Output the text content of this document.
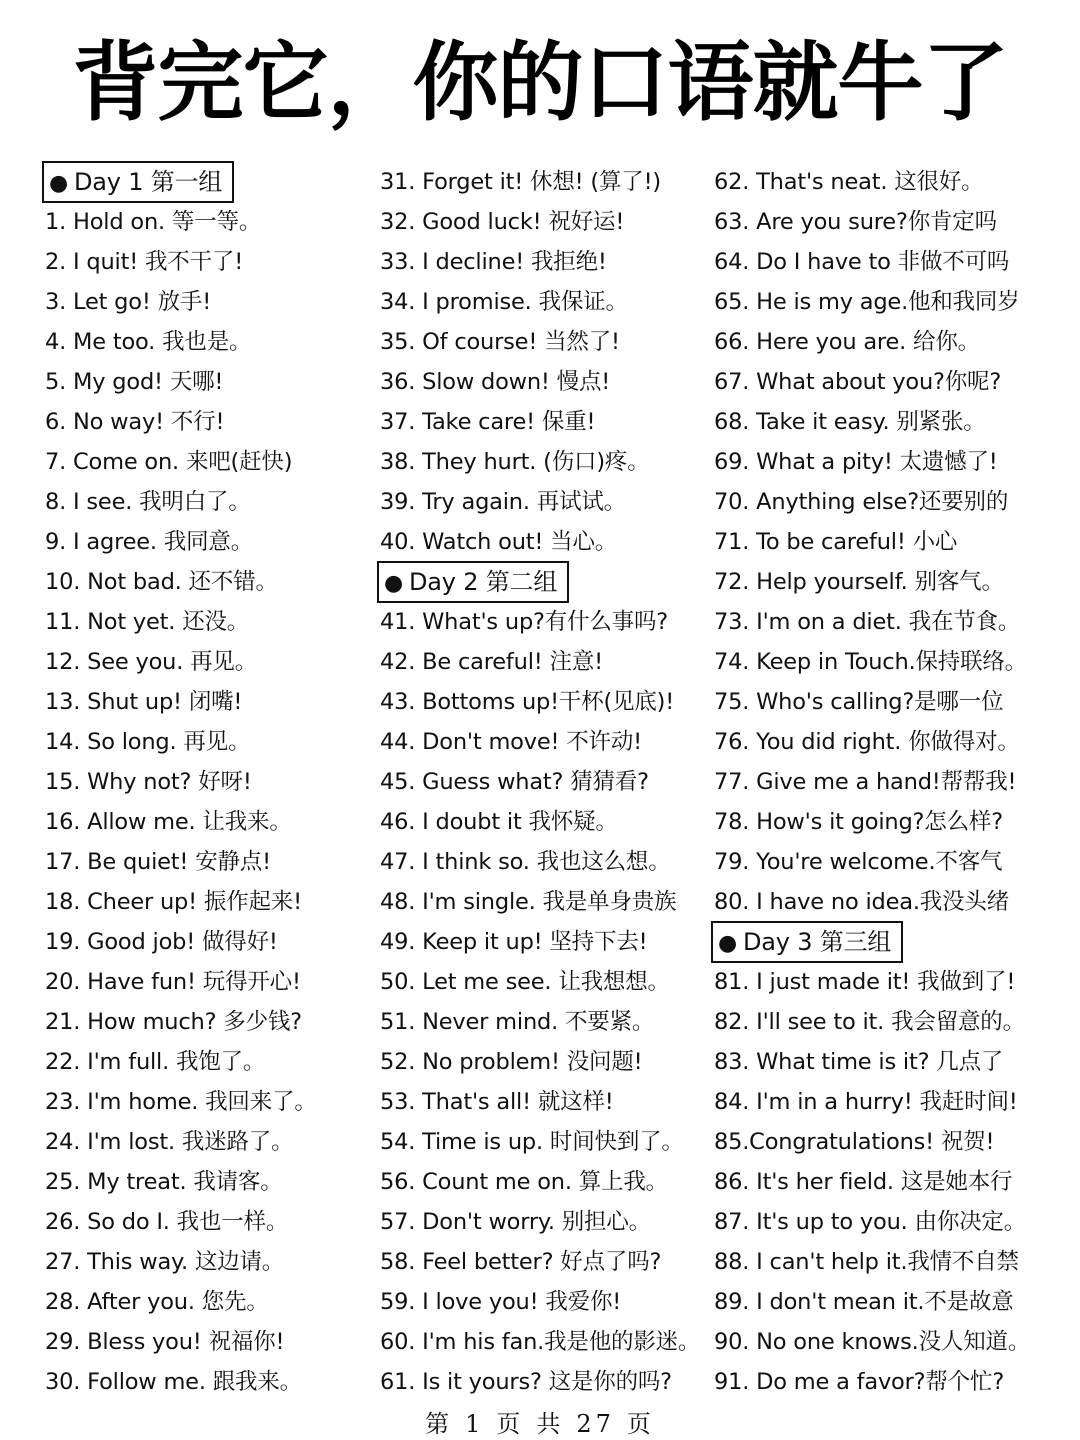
背完它，你的口语就牛了
● Day 1 第一组
1. Hold on. 等一等。
2. I quit! 我不干了!
3. Let go! 放手!
4. Me too. 我也是。
5. My god! 天哪!
6. No way! 不行!
7. Come on. 来吧(赶快)
8. I see. 我明白了。
9. I agree. 我同意。
10. Not bad. 还不错。
11. Not yet. 还没。
12. See you. 再见。
13. Shut up! 闭嘴!
14. So long. 再见。
15. Why not? 好呀!
16. Allow me. 让我来。
17. Be quiet! 安静点!
18. Cheer up! 振作起来!
19. Good job! 做得好!
20. Have fun! 玩得开心!
21. How much? 多少钱?
22. I'm full. 我饱了。
23. I'm home. 我回来了。
24. I'm lost. 我迷路了。
25. My treat. 我请客。
26. So do I. 我也一样。
27. This way. 这边请。
28. After you. 您先。
29. Bless you! 祝福你!
30. Follow me. 跟我来。
31. Forget it! 休想! (算了!)
32. Good luck! 祝好运!
33. I decline! 我拒绝!
34. I promise. 我保证。
35. Of course! 当然了!
36. Slow down! 慢点!
37. Take care! 保重!
38. They hurt. (伤口)疼。
39. Try again. 再试试。
40. Watch out! 当心。
● Day 2 第二组
41. What's up?有什么事吗?
42. Be careful! 注意!
43. Bottoms up!干杯(见底)!
44. Don't move! 不许动!
45. Guess what? 猜猜看?
46. I doubt it 我怀疑。
47. I think so. 我也这么想。
48. I'm single. 我是单身贵族
49. Keep it up! 坚持下去!
50. Let me see. 让我想想。
51. Never mind. 不要紧。
52. No problem! 没问题!
53. That's all! 就这样!
54. Time is up. 时间快到了。
56. Count me on. 算上我。
57. Don't worry. 别担心。
58. Feel better? 好点了吗?
59. I love you! 我爱你!
60. I'm his fan.我是他的影迷。
61. Is it yours? 这是你的吗?
62. That's neat. 这很好。
63. Are you sure?你肯定吗
64. Do I have to 非做不可吗
65. He is my age.他和我同岁
66. Here you are. 给你。
67. What about you?你呢?
68. Take it easy. 别紧张。
69. What a pity! 太遗憾了!
70. Anything else?还要别的
71. To be careful! 小心
72. Help yourself. 别客气。
73. I'm on a diet. 我在节食。
74. Keep in Touch.保持联络。
75. Who's calling?是哪一位
76. You did right. 你做得对。
77. Give me a hand!帮帮我!
78. How's it going?怎么样?
79. You're welcome.不客气
80. I have no idea.我没头绪
● Day 3 第三组
81. I just made it! 我做到了!
82. I'll see to it. 我会留意的。
83. What time is it? 几点了
84. I'm in a hurry! 我赶时间!
85.Congratulations! 祝贺!
86. It's her field. 这是她本行
87. It's up to you. 由你决定。
88. I can't help it.我情不自禁
89. I don't mean it.不是故意
90. No one knows.没人知道。
91. Do me a favor?帮个忙?
第 1 页 共 27 页
